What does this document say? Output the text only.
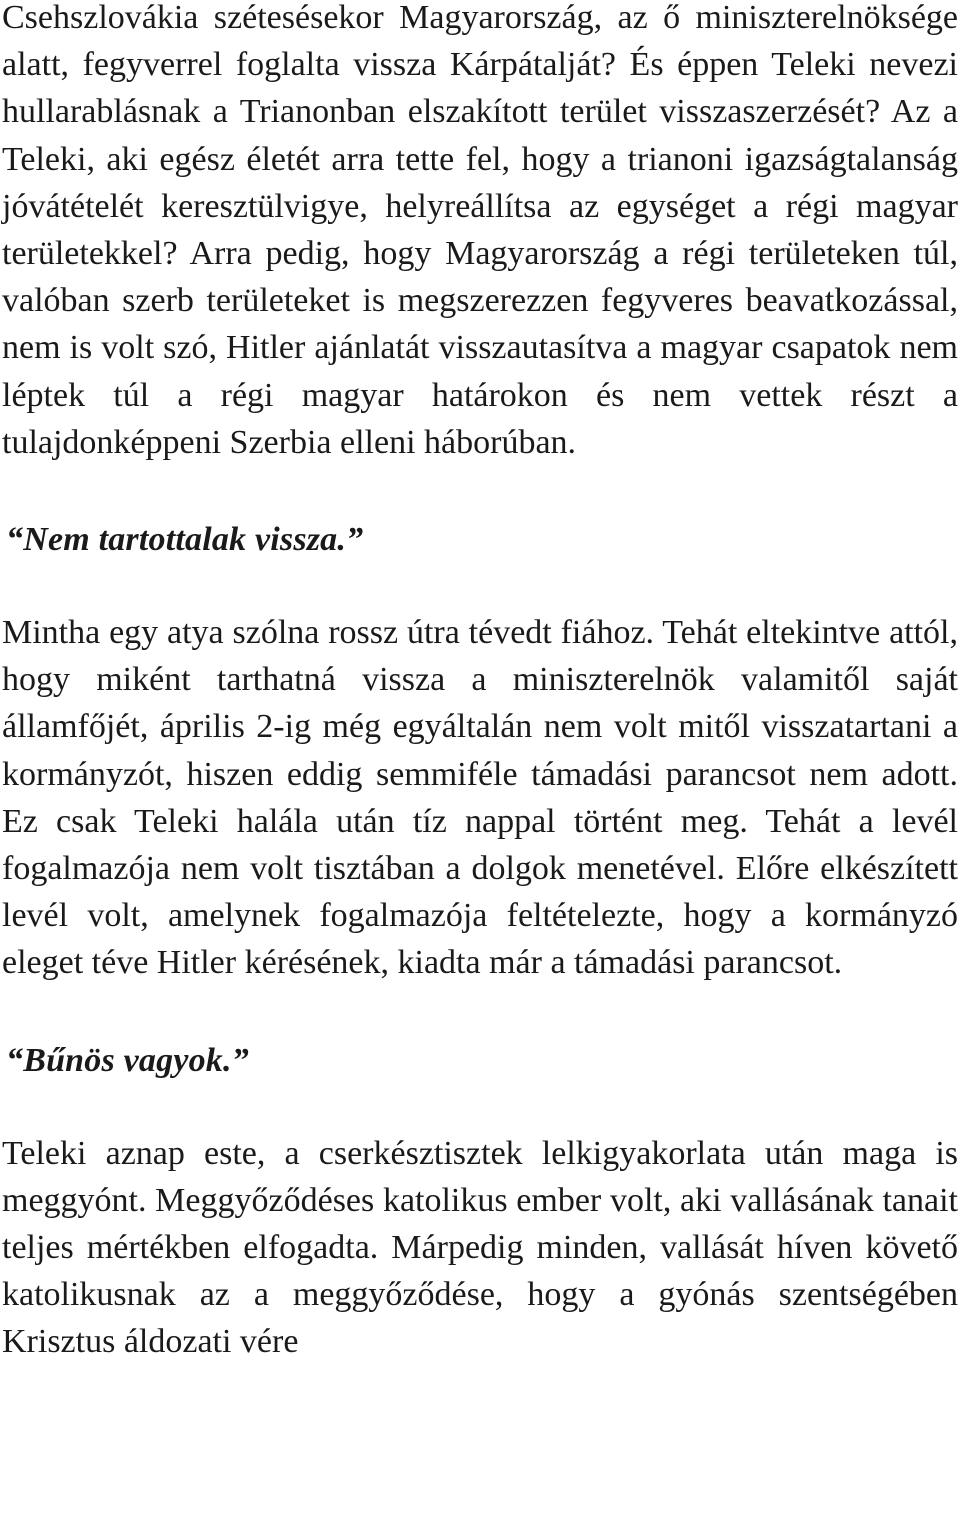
Csehszlovákia szétesésekor Magyarország, az ő miniszterelnöksége alatt, fegyverrel foglalta vissza Kárpátalját? És éppen Teleki nevezi hullarablásnak a Trianonban elszakított terület visszaszerzését? Az a Teleki, aki egész életét arra tette fel, hogy a trianoni igazságtalanság jóvátételét keresztülvigye, helyreállítsa az egységet a régi magyar területekkel? Arra pedig, hogy Magyarország a régi területeken túl, valóban szerb területeket is megszerezzen fegyveres beavatkozással, nem is volt szó, Hitler ajánlatát visszautasítva a magyar csapatok nem léptek túl a régi magyar határokon és nem vettek részt a tulajdonképpeni Szerbia elleni háborúban.

“Nem tartottalak vissza.”

Mintha egy atya szólna rossz útra tévedt fiához. Tehát eltekintve attól, hogy miként tarthatná vissza a miniszterelnök valamitől saját államfőjét, április 2-ig még egyáltalán nem volt mitől visszatartani a kormányzót, hiszen eddig semmiféle támadási parancsot nem adott. Ez csak Teleki halála után tíz nappal történt meg. Tehát a levél fogalmazója nem volt tisztában a dolgok menetével. Előre elkészített levél volt, amelynek fogalmazója feltételezte, hogy a kormányzó eleget téve Hitler kérésének, kiadta már a támadási parancsot.

“Bűnös vagyok.”

Teleki aznap este, a cserkésztisztek lelkigyakorlata után maga is meggyónt. Meggyőződéses katolikus ember volt, aki vallásának tanait teljes mértékben elfogadta. Márpedig minden, vallását híven követő katolikusnak az a meggyőződése, hogy a gyónás szentségében Krisztus áldozati vére
